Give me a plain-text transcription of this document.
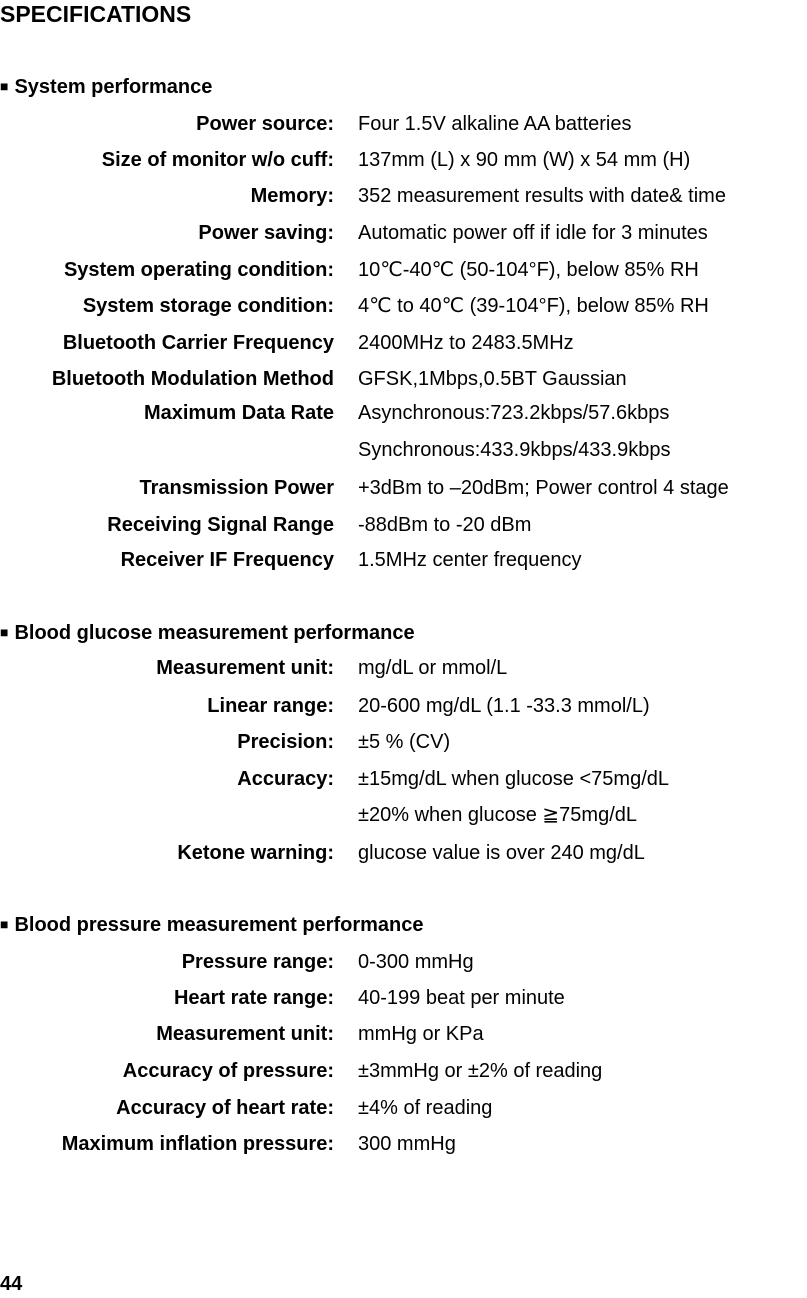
SPECIFICATIONS
■ System performance
Power source: Four 1.5V alkaline AA batteries
Size of monitor w/o cuff: 137mm (L) x 90 mm (W) x 54 mm (H)
Memory: 352 measurement results with date& time
Power saving: Automatic power off if idle for 3 minutes
System operating condition: 10℃-40℃ (50-104°F), below 85% RH
System storage condition: 4℃ to 40℃ (39-104°F), below 85% RH
Bluetooth Carrier Frequency 2400MHz to 2483.5MHz
Bluetooth Modulation Method GFSK,1Mbps,0.5BT Gaussian
Maximum Data Rate Asynchronous:723.2kbps/57.6kbps
Synchronous:433.9kbps/433.9kbps
Transmission Power +3dBm to –20dBm; Power control 4 stage
Receiving Signal Range -88dBm to -20 dBm
Receiver IF Frequency 1.5MHz center frequency
■ Blood glucose measurement performance
Measurement unit: mg/dL or mmol/L
Linear range: 20-600 mg/dL (1.1 -33.3 mmol/L)
Precision: ±5 % (CV)
Accuracy: ±15mg/dL when glucose <75mg/dL
±20% when glucose ≧75mg/dL
Ketone warning: glucose value is over 240 mg/dL
■ Blood pressure measurement performance
Pressure range: 0-300 mmHg
Heart rate range: 40-199 beat per minute
Measurement unit: mmHg or KPa
Accuracy of pressure: ±3mmHg or ±2% of reading
Accuracy of heart rate: ±4% of reading
Maximum inflation pressure: 300 mmHg
44
